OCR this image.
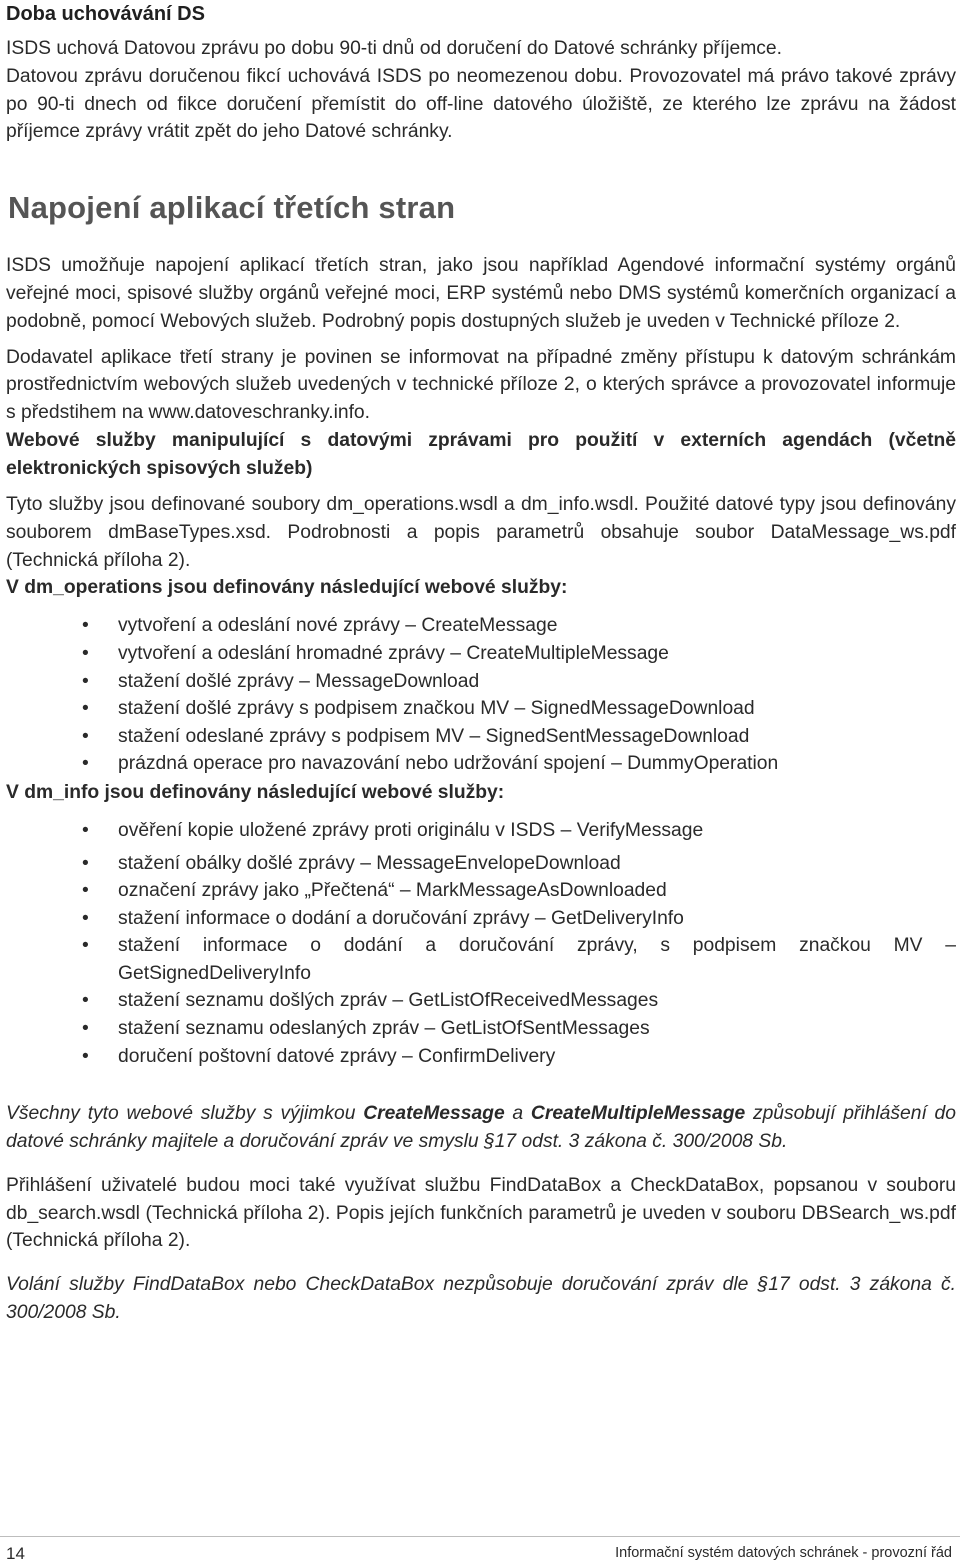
Doba uchovávání DS

ISDS uchová Datovou zprávu po dobu 90-ti dnů od doručení do Datové schránky příjemce.

Datovou zprávu doručenou fikcí uchovává ISDS po neomezenou dobu. Provozovatel má právo takové zprávy po 90-ti dnech od fikce doručení přemístit do off-line datového úložiště, ze kterého lze zprávu na žádost příjemce zprávy vrátit zpět do jeho Datové schránky.

Napojení aplikací třetích stran

ISDS umožňuje napojení aplikací třetích stran, jako jsou například Agendové informační systémy orgánů veřejné moci, spisové služby orgánů veřejné moci, ERP systémů nebo DMS systémů komerčních organizací a podobně, pomocí Webových služeb. Podrobný popis dostupných služeb je uveden v Technické příloze 2.

Dodavatel aplikace třetí strany je povinen se informovat na případné změny přístupu k datovým schránkám prostřednictvím webových služeb uvedených v technické příloze 2, o kterých správce a provozovatel informuje s předstihem na www.datoveschranky.info.

Webové služby manipulující s datovými zprávami pro použití v externích agendách (včetně elektronických spisových služeb)

Tyto služby jsou definované soubory dm_operations.wsdl a dm_info.wsdl. Použité datové typy jsou definovány souborem dmBaseTypes.xsd. Podrobnosti a popis parametrů obsahuje soubor DataMessage_ws.pdf (Technická příloha 2).

V dm_operations jsou definovány následující webové služby:

• vytvoření a odeslání nové zprávy – CreateMessage
• vytvoření a odeslání hromadné zprávy – CreateMultipleMessage
• stažení došlé zprávy – MessageDownload
• stažení došlé zprávy s podpisem značkou MV – SignedMessageDownload
• stažení odeslané zprávy s podpisem MV – SignedSentMessageDownload
• prázdná operace pro navazování nebo udržování spojení – DummyOperation

V dm_info jsou definovány následující webové služby:

• ověření kopie uložené zprávy proti originálu v ISDS – VerifyMessage
• stažení obálky došlé zprávy – MessageEnvelopeDownload
• označení zprávy jako „Přečtená“ – MarkMessageAsDownloaded
• stažení informace o dodání a doručování zprávy – GetDeliveryInfo
• stažení informace o dodání a doručování zprávy, s podpisem značkou MV – GetSignedDeliveryInfo
• stažení seznamu došlých zpráv – GetListOfReceivedMessages
• stažení seznamu odeslaných zpráv – GetListOfSentMessages
• doručení poštovní datové zprávy – ConfirmDelivery

Všechny tyto webové služby s výjimkou CreateMessage a CreateMultipleMessage způsobují přihlášení do datové schránky majitele a doručování zpráv ve smyslu §17 odst. 3 zákona č. 300/2008 Sb.

Přihlášení uživatelé budou moci také využívat službu FindDataBox a CheckDataBox, popsanou v souboru db_search.wsdl (Technická příloha 2). Popis jejích funkčních parametrů je uveden v souboru DBSearch_ws.pdf (Technická příloha 2).

Volání služby FindDataBox nebo CheckDataBox nezpůsobuje doručování zpráv dle §17 odst. 3 zákona č. 300/2008 Sb.

14	Informační systém datových schránek - provozní řád
